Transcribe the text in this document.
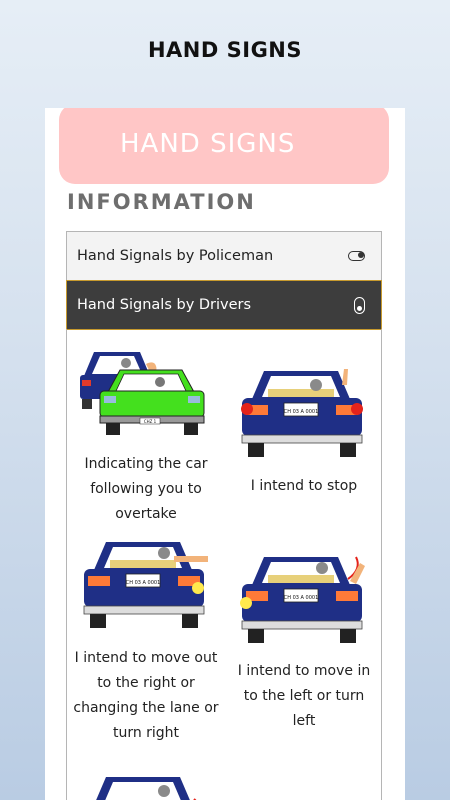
HAND SIGNS
HAND SIGNS
INFORMATION
Hand Signals by Policeman
Hand Signals by Drivers
CHZ 1
Indicating the car following you to overtake
CH 03 A 0001
I intend to stop
CH 03 A 0001
I intend to move out to the right or changing the lane or turn right
CH 03 A 0001
I intend to move in to the left or turn left
